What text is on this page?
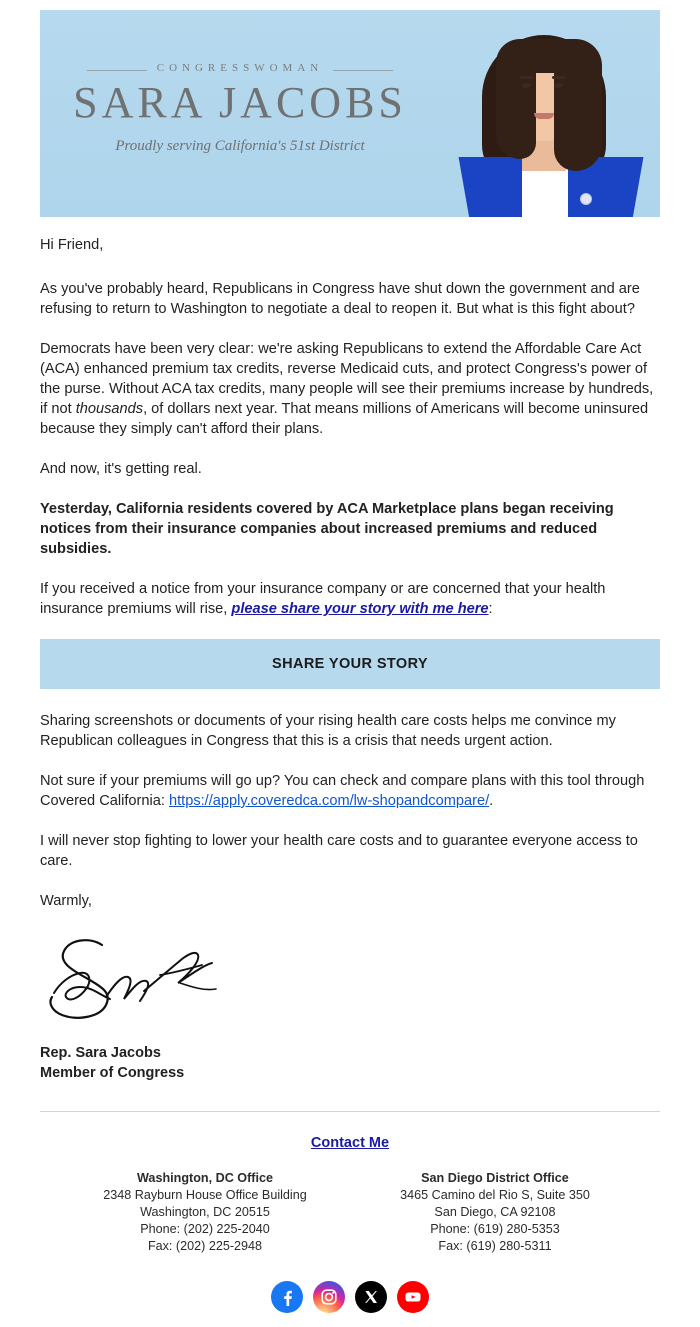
CONGRESSWOMAN
SARA JACOBS
Proudly serving California's 51st District

Hi Friend,

As you've probably heard, Republicans in Congress have shut down the government and are refusing to return to Washington to negotiate a deal to reopen it. But what is this fight about?

Democrats have been very clear: we're asking Republicans to extend the Affordable Care Act (ACA) enhanced premium tax credits, reverse Medicaid cuts, and protect Congress's power of the purse. Without ACA tax credits, many people will see their premiums increase by hundreds, if not thousands, of dollars next year. That means millions of Americans will become uninsured because they simply can't afford their plans.

And now, it's getting real.

Yesterday, California residents covered by ACA Marketplace plans began receiving notices from their insurance companies about increased premiums and reduced subsidies.

If you received a notice from your insurance company or are concerned that your health insurance premiums will rise, please share your story with me here:

SHARE YOUR STORY

Sharing screenshots or documents of your rising health care costs helps me convince my Republican colleagues in Congress that this is a crisis that needs urgent action.

Not sure if your premiums will go up? You can check and compare plans with this tool through Covered California: https://apply.coveredca.com/lw-shopandcompare/.

I will never stop fighting to lower your health care costs and to guarantee everyone access to care.

Warmly,

Rep. Sara Jacobs

Member of Congress

Contact Me
Washington, DC Office
2348 Rayburn House Office Building
Washington, DC 20515
Phone: (202) 225-2040
Fax: (202) 225-2948
San Diego District Office
3465 Camino del Rio S, Suite 350
San Diego, CA 92108
Phone: (619) 280-5353
Fax: (619) 280-5311
